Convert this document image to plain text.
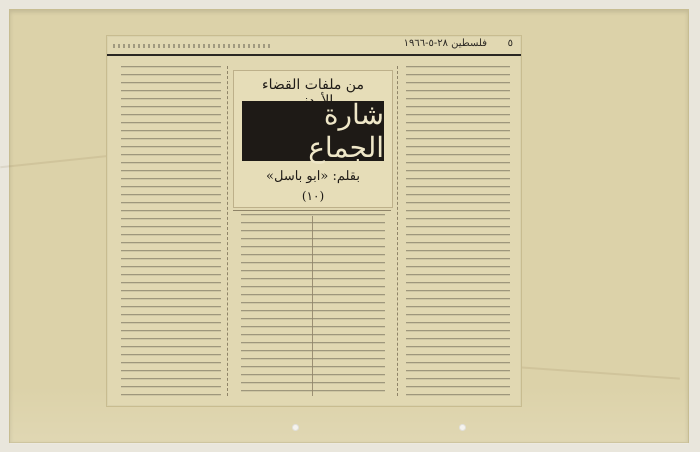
فلسطين ٢٨-٥-١٩٦٦ ٥
من ملفات القضاء
شارة الجماع
بقلم: «ابو باسل»
(١٠)
